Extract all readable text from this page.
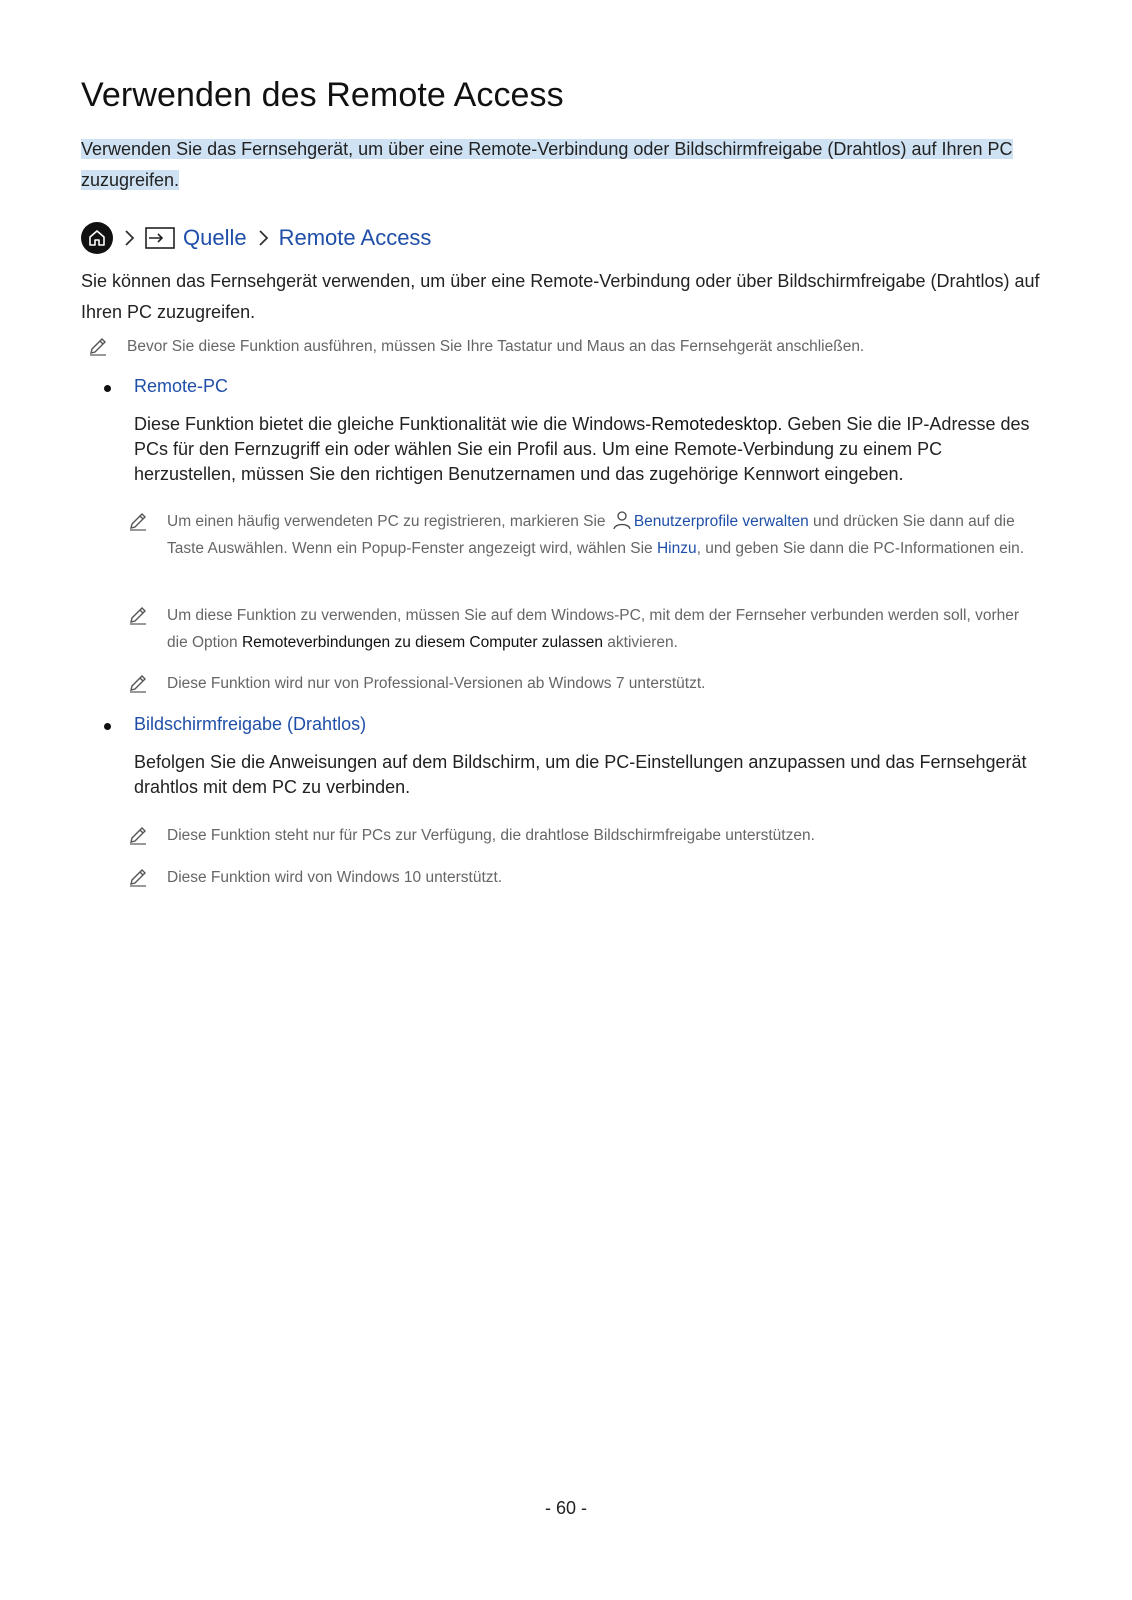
Verwenden des Remote Access
Verwenden Sie das Fernsehgerät, um über eine Remote-Verbindung oder Bildschirmfreigabe (Drahtlos) auf Ihren PC zuzugreifen.
Quelle Remote Access
Sie können das Fernsehgerät verwenden, um über eine Remote-Verbindung oder über Bildschirmfreigabe (Drahtlos) auf Ihren PC zuzugreifen.
Bevor Sie diese Funktion ausführen, müssen Sie Ihre Tastatur und Maus an das Fernsehgerät anschließen.
Remote-PC
Diese Funktion bietet die gleiche Funktionalität wie die Windows-Remotedesktop. Geben Sie die IP-Adresse des PCs für den Fernzugriff ein oder wählen Sie ein Profil aus. Um eine Remote-Verbindung zu einem PC herzustellen, müssen Sie den richtigen Benutzernamen und das zugehörige Kennwort eingeben.
Um einen häufig verwendeten PC zu registrieren, markieren Sie Benutzerprofile verwalten und drücken Sie dann auf die Taste Auswählen. Wenn ein Popup-Fenster angezeigt wird, wählen Sie Hinzu, und geben Sie dann die PC-Informationen ein.
Um diese Funktion zu verwenden, müssen Sie auf dem Windows-PC, mit dem der Fernseher verbunden werden soll, vorher die Option Remoteverbindungen zu diesem Computer zulassen aktivieren.
Diese Funktion wird nur von Professional-Versionen ab Windows 7 unterstützt.
Bildschirmfreigabe (Drahtlos)
Befolgen Sie die Anweisungen auf dem Bildschirm, um die PC-Einstellungen anzupassen und das Fernsehgerät drahtlos mit dem PC zu verbinden.
Diese Funktion steht nur für PCs zur Verfügung, die drahtlose Bildschirmfreigabe unterstützen.
Diese Funktion wird von Windows 10 unterstützt.
- 60 -
